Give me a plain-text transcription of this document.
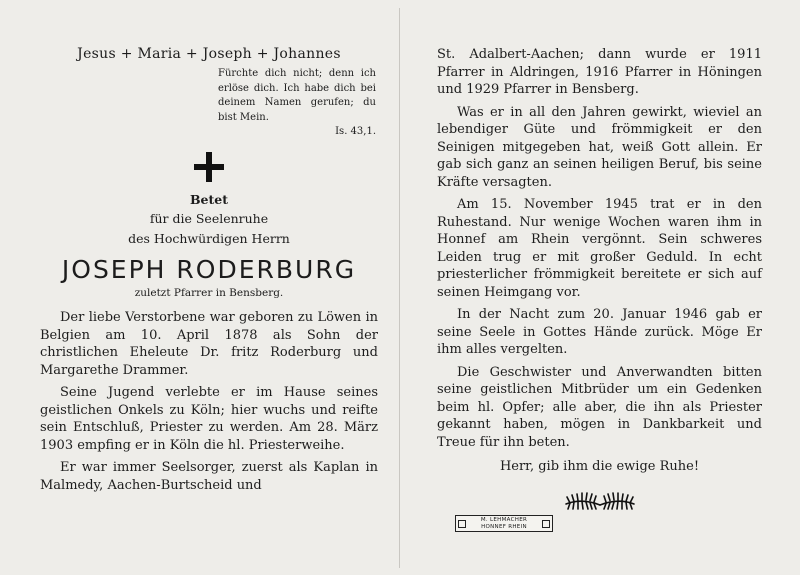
Jesus + Maria + Joseph + Johannes
Fürchte dich nicht; denn ich erlöse dich. Ich habe dich bei deinem Namen gerufen; du bist Mein.
Is. 43,1.
Betet
für die Seelenruhe
des Hochwürdigen Herrn
JOSEPH RODERBURG
zuletzt Pfarrer in Bensberg.

Der liebe Verstorbene war geboren zu Löwen in Belgien am 10. April 1878 als Sohn der christlichen Eheleute Dr. fritz Roderburg und Margarethe Drammer.

Seine Jugend verlebte er im Hause seines geistlichen Onkels zu Köln; hier wuchs und reifte sein Entschluß, Priester zu werden. Am 28. März 1903 empfing er in Köln die hl. Priesterweihe.

Er war immer Seelsorger, zuerst als Kaplan in Malmedy, Aachen-Burtscheid und

St. Adalbert-Aachen; dann wurde er 1911 Pfarrer in Aldringen, 1916 Pfarrer in Höningen und 1929 Pfarrer in Bensberg.

Was er in all den Jahren gewirkt, wieviel an lebendiger Güte und frömmigkeit er den Seinigen mitgegeben hat, weiß Gott allein. Er gab sich ganz an seinen heiligen Beruf, bis seine Kräfte versagten.

Am 15. November 1945 trat er in den Ruhestand. Nur wenige Wochen waren ihm in Honnef am Rhein vergönnt. Sein schweres Leiden trug er mit großer Geduld. In echt priesterlicher frömmigkeit bereitete er sich auf seinen Heimgang vor.

In der Nacht zum 20. Januar 1946 gab er seine Seele in Gottes Hände zurück. Möge Er ihm alles vergelten.

Die Geschwister und Anverwandten bitten seine geistlichen Mitbrüder um ein Gedenken beim hl. Opfer; alle aber, die ihn als Priester gekannt haben, mögen in Dankbarkeit und Treue für ihn beten.

Herr, gib ihm die ewige Ruhe!
M. LEHMACHER
HONNEF RHEIN
